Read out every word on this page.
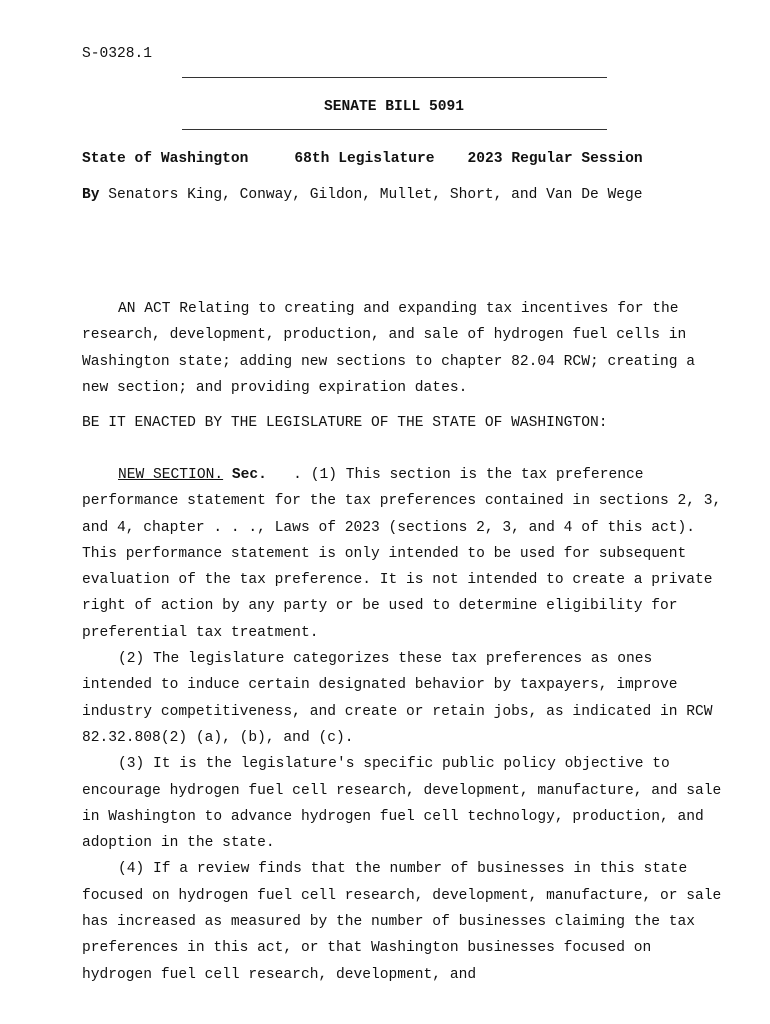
S-0328.1
SENATE BILL 5091
State of Washington	68th Legislature 2023 Regular Session
By Senators King, Conway, Gildon, Mullet, Short, and Van De Wege

AN ACT Relating to creating and expanding tax incentives for the research, development, production, and sale of hydrogen fuel cells in Washington state; adding new sections to chapter 82.04 RCW; creating a new section; and providing expiration dates.

BE IT ENACTED BY THE LEGISLATURE OF THE STATE OF WASHINGTON:

NEW SECTION. Sec.   . (1) This section is the tax preference performance statement for the tax preferences contained in sections 2, 3, and 4, chapter . . ., Laws of 2023 (sections 2, 3, and 4 of this act). This performance statement is only intended to be used for subsequent evaluation of the tax preference. It is not intended to create a private right of action by any party or be used to determine eligibility for preferential tax treatment.

(2) The legislature categorizes these tax preferences as ones intended to induce certain designated behavior by taxpayers, improve industry competitiveness, and create or retain jobs, as indicated in RCW 82.32.808(2) (a), (b), and (c).

(3) It is the legislature's specific public policy objective to encourage hydrogen fuel cell research, development, manufacture, and sale in Washington to advance hydrogen fuel cell technology, production, and adoption in the state.

(4) If a review finds that the number of businesses in this state focused on hydrogen fuel cell research, development, manufacture, or sale has increased as measured by the number of businesses claiming the tax preferences in this act, or that Washington businesses focused on hydrogen fuel cell research, development, and
